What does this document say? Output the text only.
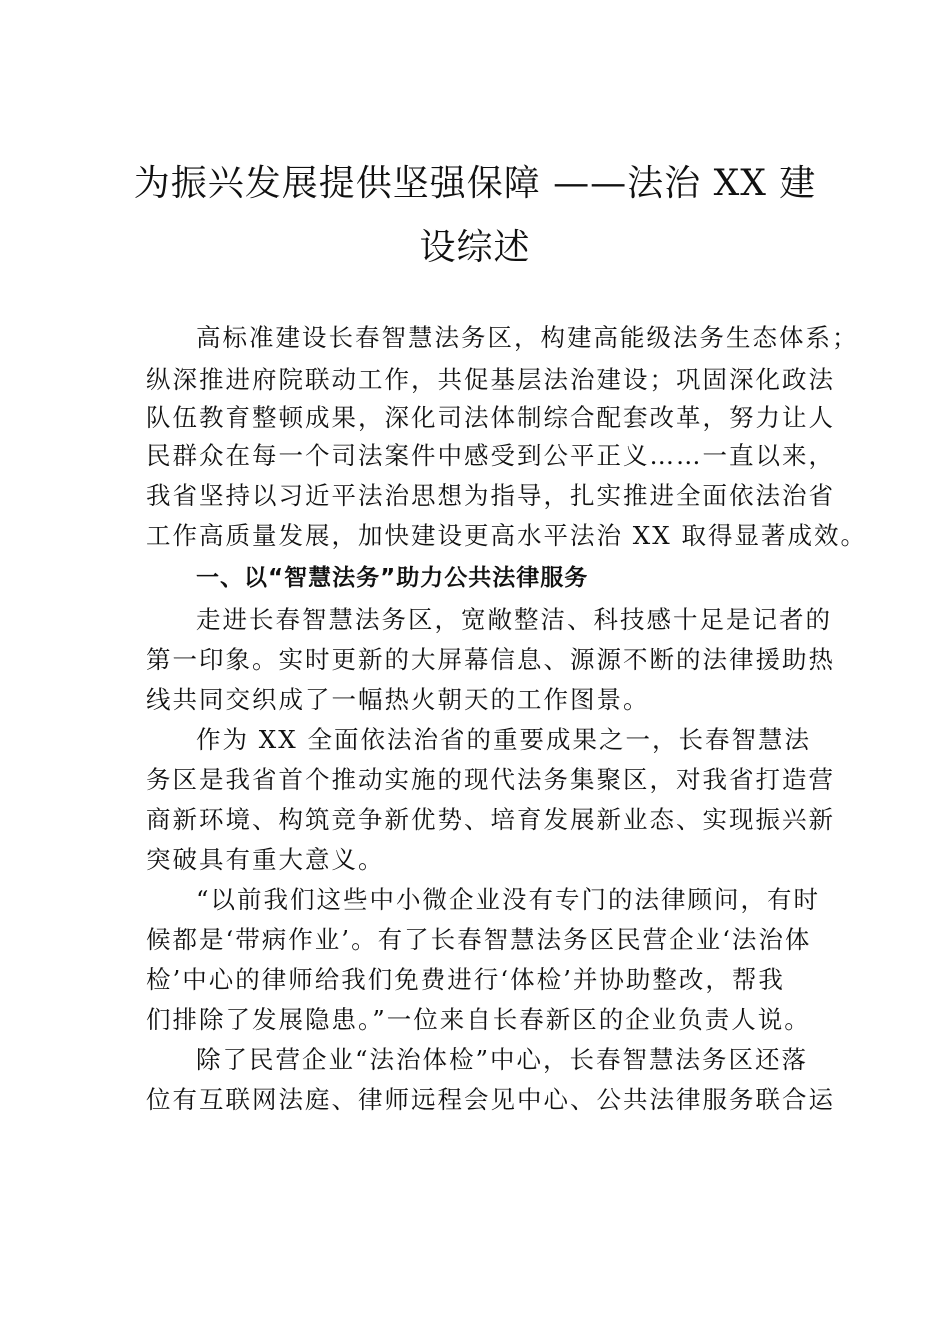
为振兴发展提供坚强保障 ——法治 XX 建
设综述

高标准建设长春智慧法务区，构建高能级法务生态体系；

纵深推进府院联动工作，共促基层法治建设；巩固深化政法

队伍教育整顿成果，深化司法体制综合配套改革，努力让人

民群众在每一个司法案件中感受到公平正义……一直以来，

我省坚持以习近平法治思想为指导，扎实推进全面依法治省

工作高质量发展，加快建设更高水平法治 XX 取得显著成效。

一、以“智慧法务”助力公共法律服务

走进长春智慧法务区，宽敞整洁、科技感十足是记者的

第一印象。实时更新的大屏幕信息、源源不断的法律援助热

线共同交织成了一幅热火朝天的工作图景。

作为 XX 全面依法治省的重要成果之一，长春智慧法

务区是我省首个推动实施的现代法务集聚区，对我省打造营

商新环境、构筑竞争新优势、培育发展新业态、实现振兴新

突破具有重大意义。

“以前我们这些中小微企业没有专门的法律顾问，有时

候都是‘带病作业’。有了长春智慧法务区民营企业‘法治体

检’中心的律师给我们免费进行‘体检’并协助整改，帮我

们排除了发展隐患。”一位来自长春新区的企业负责人说。

除了民营企业“法治体检”中心，长春智慧法务区还落

位有互联网法庭、律师远程会见中心、公共法律服务联合运
